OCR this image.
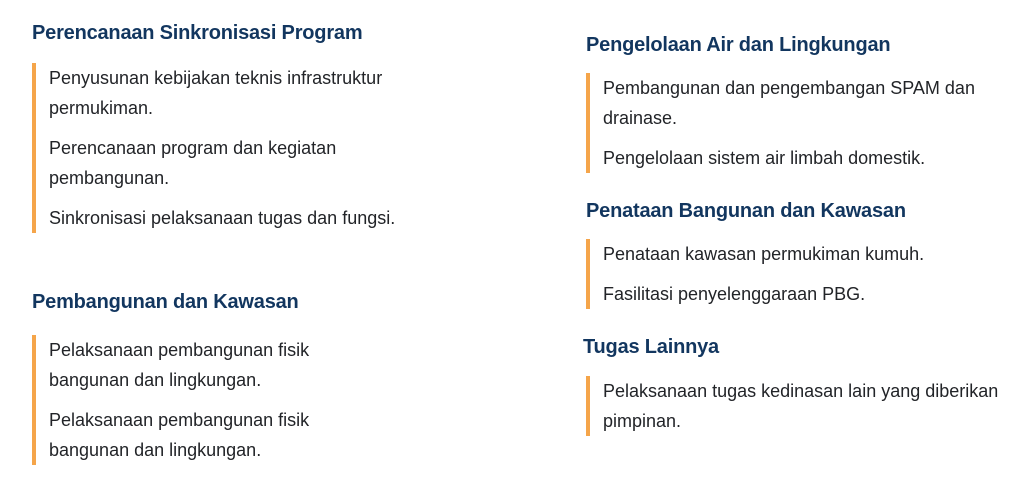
Perencanaan Sinkronisasi Program

Penyusunan kebijakan teknis infrastruktur permukiman.

Perencanaan program dan kegiatan pembangunan.

Sinkronisasi pelaksanaan tugas dan fungsi.

Pembangunan dan Kawasan

Pelaksanaan pembangunan fisik bangunan dan lingkungan.

Pelaksanaan pembangunan fisik bangunan dan lingkungan.

Pengelolaan Air dan Lingkungan

Pembangunan dan pengembangan SPAM dan drainase.

Pengelolaan sistem air limbah domestik.

Penataan Bangunan dan Kawasan

Penataan kawasan permukiman kumuh.

Fasilitasi penyelenggaraan PBG.

Tugas Lainnya

Pelaksanaan tugas kedinasan lain yang diberikan pimpinan.
